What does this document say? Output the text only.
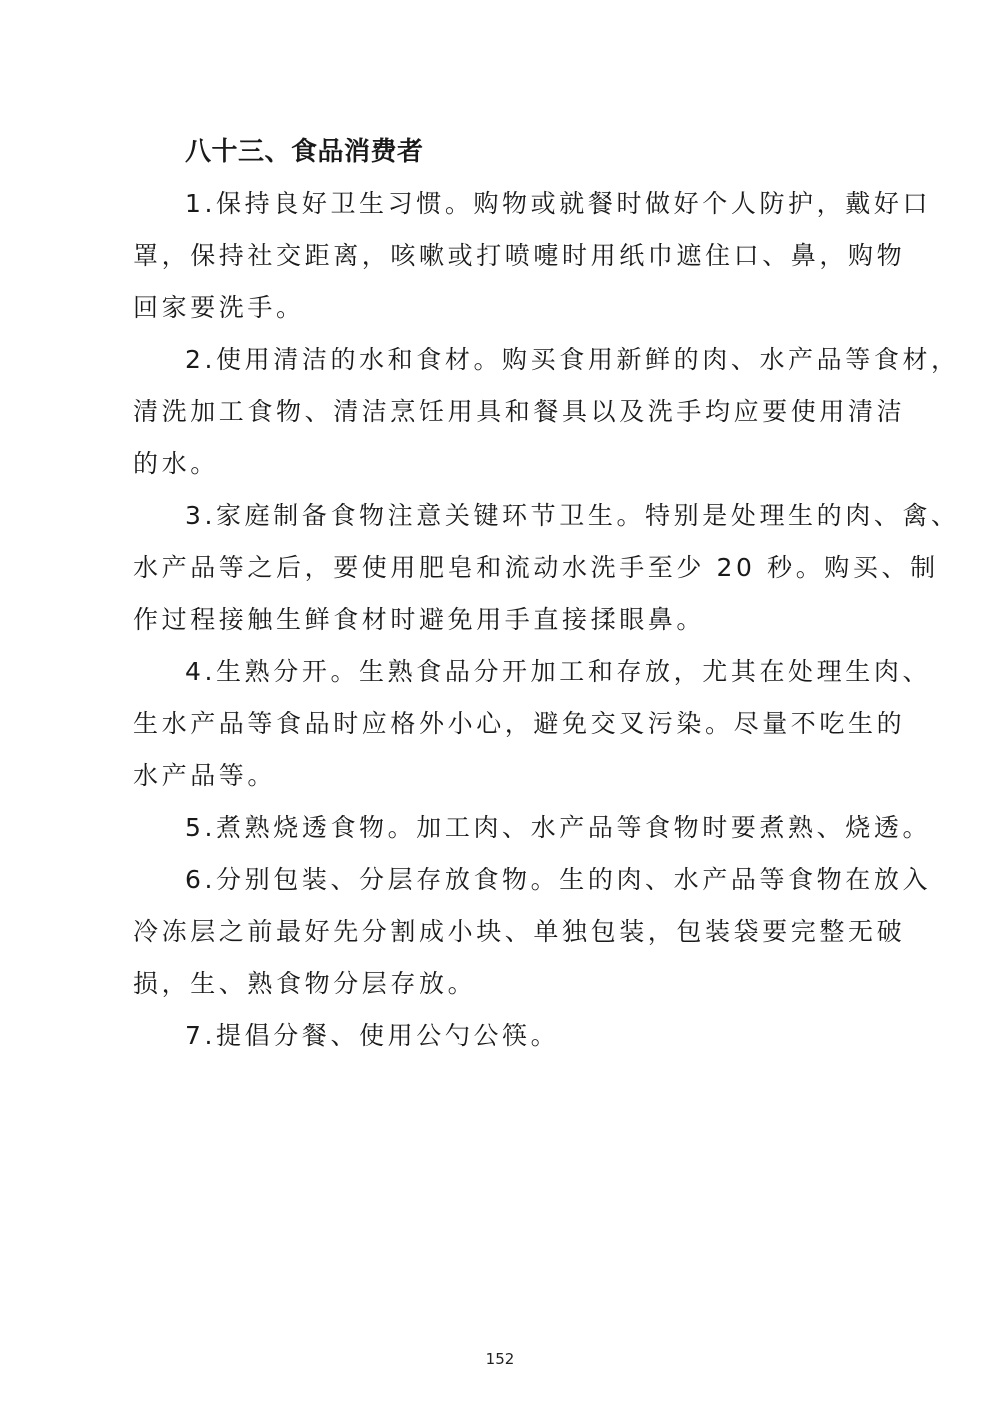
八十三、食品消费者

1.保持良好卫生习惯。购物或就餐时做好个人防护，戴好口
罩，保持社交距离，咳嗽或打喷嚏时用纸巾遮住口、鼻，购物
回家要洗手。

2.使用清洁的水和食材。购买食用新鲜的肉、水产品等食材，
清洗加工食物、清洁烹饪用具和餐具以及洗手均应要使用清洁
的水。

3.家庭制备食物注意关键环节卫生。特别是处理生的肉、禽、
水产品等之后，要使用肥皂和流动水洗手至少 20 秒。购买、制
作过程接触生鲜食材时避免用手直接揉眼鼻。

4.生熟分开。生熟食品分开加工和存放，尤其在处理生肉、
生水产品等食品时应格外小心，避免交叉污染。尽量不吃生的
水产品等。

5.煮熟烧透食物。加工肉、水产品等食物时要煮熟、烧透。

6.分别包装、分层存放食物。生的肉、水产品等食物在放入
冷冻层之前最好先分割成小块、单独包装，包装袋要完整无破
损，生、熟食物分层存放。

7.提倡分餐、使用公勺公筷。

152
